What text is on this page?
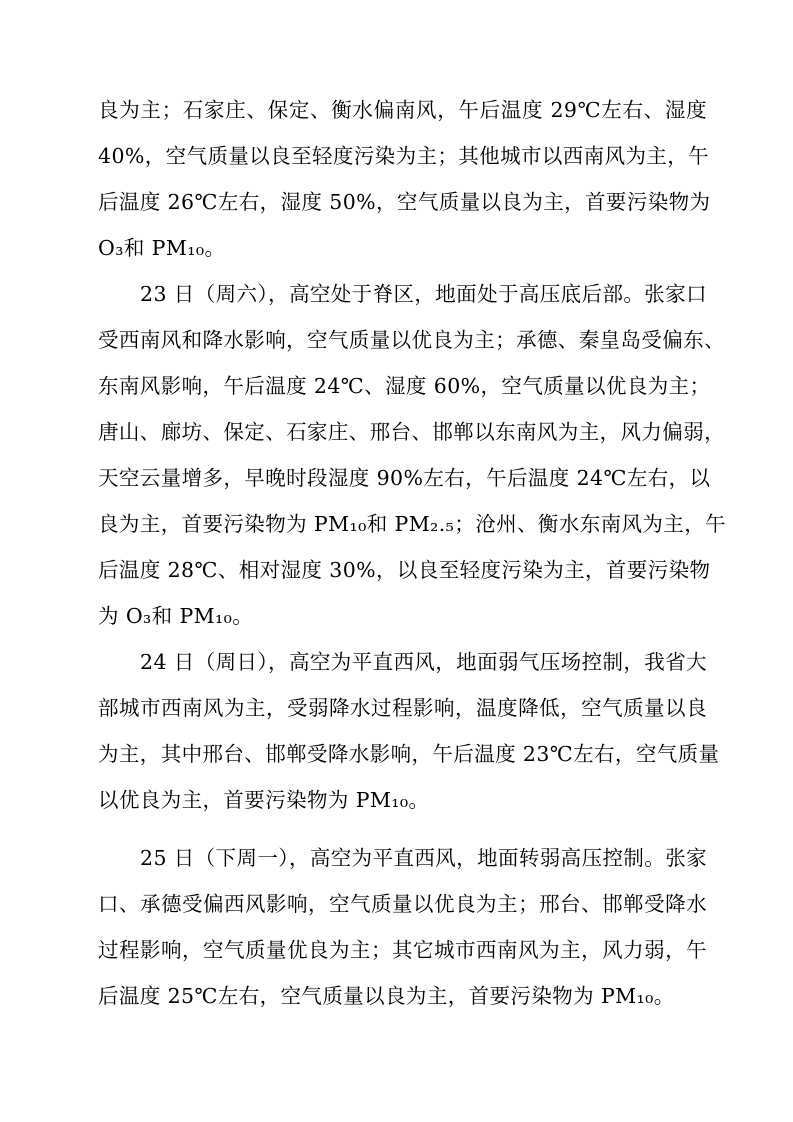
良为主；石家庄、保定、衡水偏南风，午后温度 29℃左右、湿度
40%，空气质量以良至轻度污染为主；其他城市以西南风为主，午
后温度 26℃左右，湿度 50%，空气质量以良为主，首要污染物为
O₃和 PM₁₀。
23 日（周六），高空处于脊区，地面处于高压底后部。张家口
受西南风和降水影响，空气质量以优良为主；承德、秦皇岛受偏东、
东南风影响，午后温度 24℃、湿度 60%，空气质量以优良为主；
唐山、廊坊、保定、石家庄、邢台、邯郸以东南风为主，风力偏弱，
天空云量增多，早晚时段湿度 90%左右，午后温度 24℃左右，以
良为主，首要污染物为 PM₁₀和 PM₂.₅；沧州、衡水东南风为主，午
后温度 28℃、相对湿度 30%，以良至轻度污染为主，首要污染物
为 O₃和 PM₁₀。
24 日（周日），高空为平直西风，地面弱气压场控制，我省大
部城市西南风为主，受弱降水过程影响，温度降低，空气质量以良
为主，其中邢台、邯郸受降水影响，午后温度 23℃左右，空气质量
以优良为主，首要污染物为 PM₁₀。
25 日（下周一），高空为平直西风，地面转弱高压控制。张家
口、承德受偏西风影响，空气质量以优良为主；邢台、邯郸受降水
过程影响，空气质量优良为主；其它城市西南风为主，风力弱，午
后温度 25℃左右，空气质量以良为主，首要污染物为 PM₁₀。
